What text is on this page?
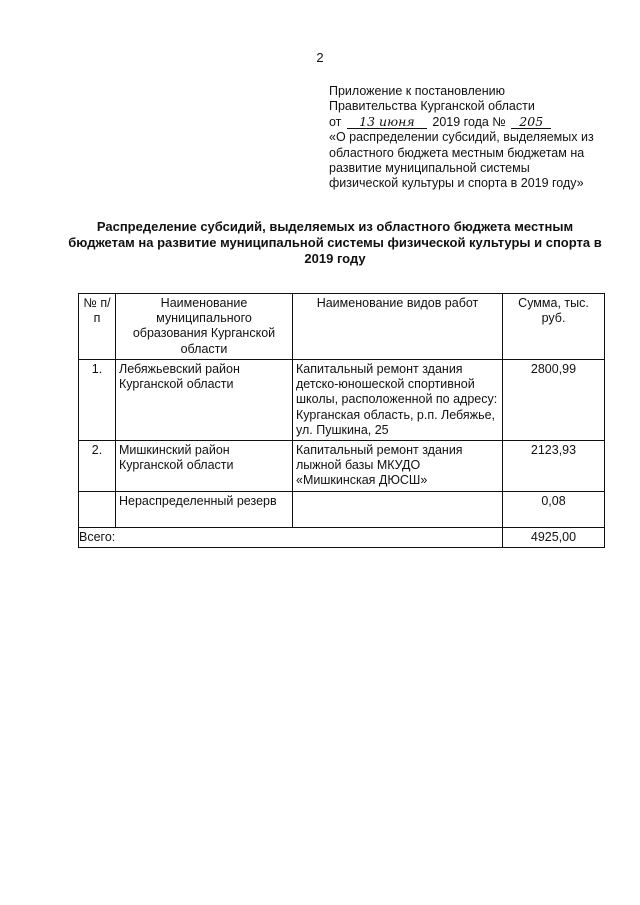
2
Приложение к постановлению
Правительства Курганской области
от 13 июня 2019 года № 205
«О распределении субсидий, выделяемых из
областного бюджета местным бюджетам на
развитие муниципальной системы
физической культуры и спорта в 2019 году»
Распределение субсидий, выделяемых из областного бюджета местным
бюджетам на развитие муниципальной системы физической культуры и спорта в
2019 году
№ п/п	Наименование муниципального образования Курганской области	Наименование видов работ	Сумма, тыс. руб.
1.	Лебяжьевский район Курганской области	Капитальный ремонт здания детско-юношеской спортивной школы, расположенной по адресу: Курганская область, р.п. Лебяжье, ул. Пушкина, 25	2800,99
2.	Мишкинский район Курганской области	Капитальный ремонт здания лыжной базы МКУДО «Мишкинская ДЮСШ»	2123,93
	Нераспределенный резерв		0,08
Всего:			4925,00
